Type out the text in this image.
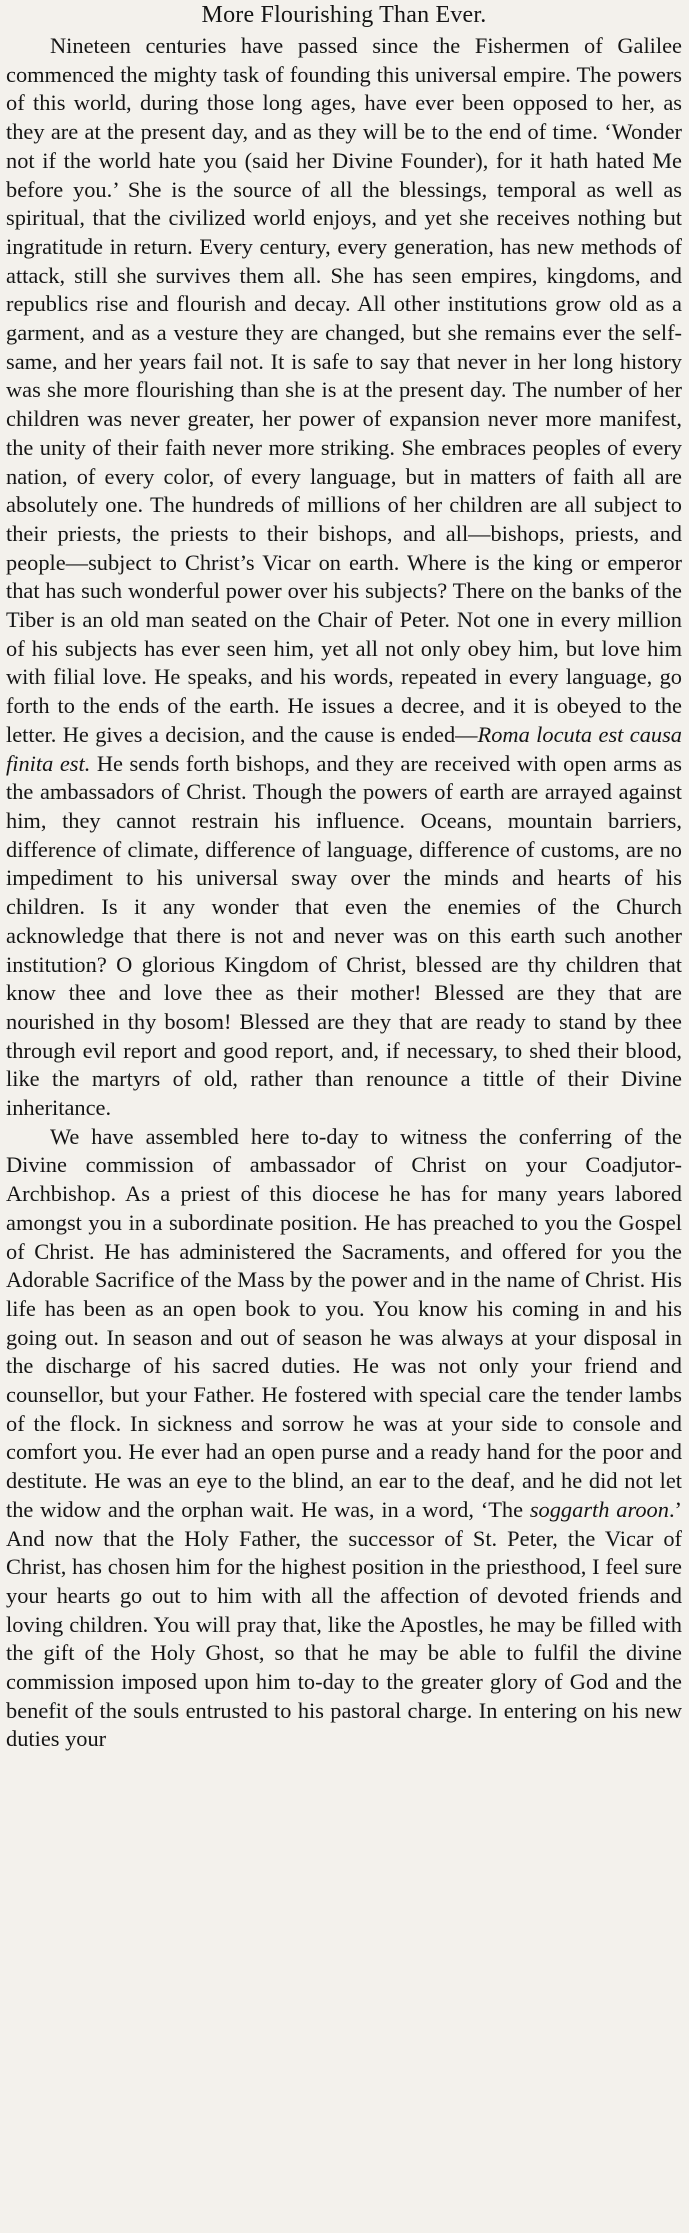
More Flourishing Than Ever.

Nineteen centuries have passed since the Fishermen of Galilee commenced the mighty task of founding this universal empire. The powers of this world, during those long ages, have ever been opposed to her, as they are at the present day, and as they will be to the end of time. ‘Wonder not if the world hate you (said her Divine Founder), for it hath hated Me before you.’ She is the source of all the blessings, temporal as well as spiritual, that the civilized world enjoys, and yet she receives nothing but ingratitude in return. Every century, every generation, has new methods of attack, still she survives them all. She has seen empires, kingdoms, and republics rise and flourish and decay. All other institutions grow old as a garment, and as a vesture they are changed, but she remains ever the self-same, and her years fail not. It is safe to say that never in her long history was she more flourishing than she is at the present day. The number of her children was never greater, her power of expansion never more manifest, the unity of their faith never more striking. She embraces peoples of every nation, of every color, of every language, but in matters of faith all are absolutely one. The hundreds of millions of her children are all subject to their priests, the priests to their bishops, and all—bishops, priests, and people—subject to Christ’s Vicar on earth. Where is the king or emperor that has such wonderful power over his subjects? There on the banks of the Tiber is an old man seated on the Chair of Peter. Not one in every million of his subjects has ever seen him, yet all not only obey him, but love him with filial love. He speaks, and his words, repeated in every language, go forth to the ends of the earth. He issues a decree, and it is obeyed to the letter. He gives a decision, and the cause is ended—Roma locuta est causa finita est. He sends forth bishops, and they are received with open arms as the ambassadors of Christ. Though the powers of earth are arrayed against him, they cannot restrain his influence. Oceans, mountain barriers, difference of climate, difference of language, difference of customs, are no impediment to his universal sway over the minds and hearts of his children. Is it any wonder that even the enemies of the Church acknowledge that there is not and never was on this earth such another institution? O glorious Kingdom of Christ, blessed are thy children that know thee and love thee as their mother! Blessed are they that are nourished in thy bosom! Blessed are they that are ready to stand by thee through evil report and good report, and, if necessary, to shed their blood, like the martyrs of old, rather than renounce a tittle of their Divine inheritance.

We have assembled here to-day to witness the conferring of the Divine commission of ambassador of Christ on your Coadjutor-Archbishop. As a priest of this diocese he has for many years labored amongst you in a subordinate position. He has preached to you the Gospel of Christ. He has administered the Sacraments, and offered for you the Adorable Sacrifice of the Mass by the power and in the name of Christ. His life has been as an open book to you. You know his coming in and his going out. In season and out of season he was always at your disposal in the discharge of his sacred duties. He was not only your friend and counsellor, but your Father. He fostered with special care the tender lambs of the flock. In sickness and sorrow he was at your side to console and comfort you. He ever had an open purse and a ready hand for the poor and destitute. He was an eye to the blind, an ear to the deaf, and he did not let the widow and the orphan wait. He was, in a word, ‘The soggarth aroon.’ And now that the Holy Father, the successor of St. Peter, the Vicar of Christ, has chosen him for the highest position in the priesthood, I feel sure your hearts go out to him with all the affection of devoted friends and loving children. You will pray that, like the Apostles, he may be filled with the gift of the Holy Ghost, so that he may be able to fulfil the divine commission imposed upon him to-day to the greater glory of God and the benefit of the souls entrusted to his pastoral charge. In entering on his new duties your
